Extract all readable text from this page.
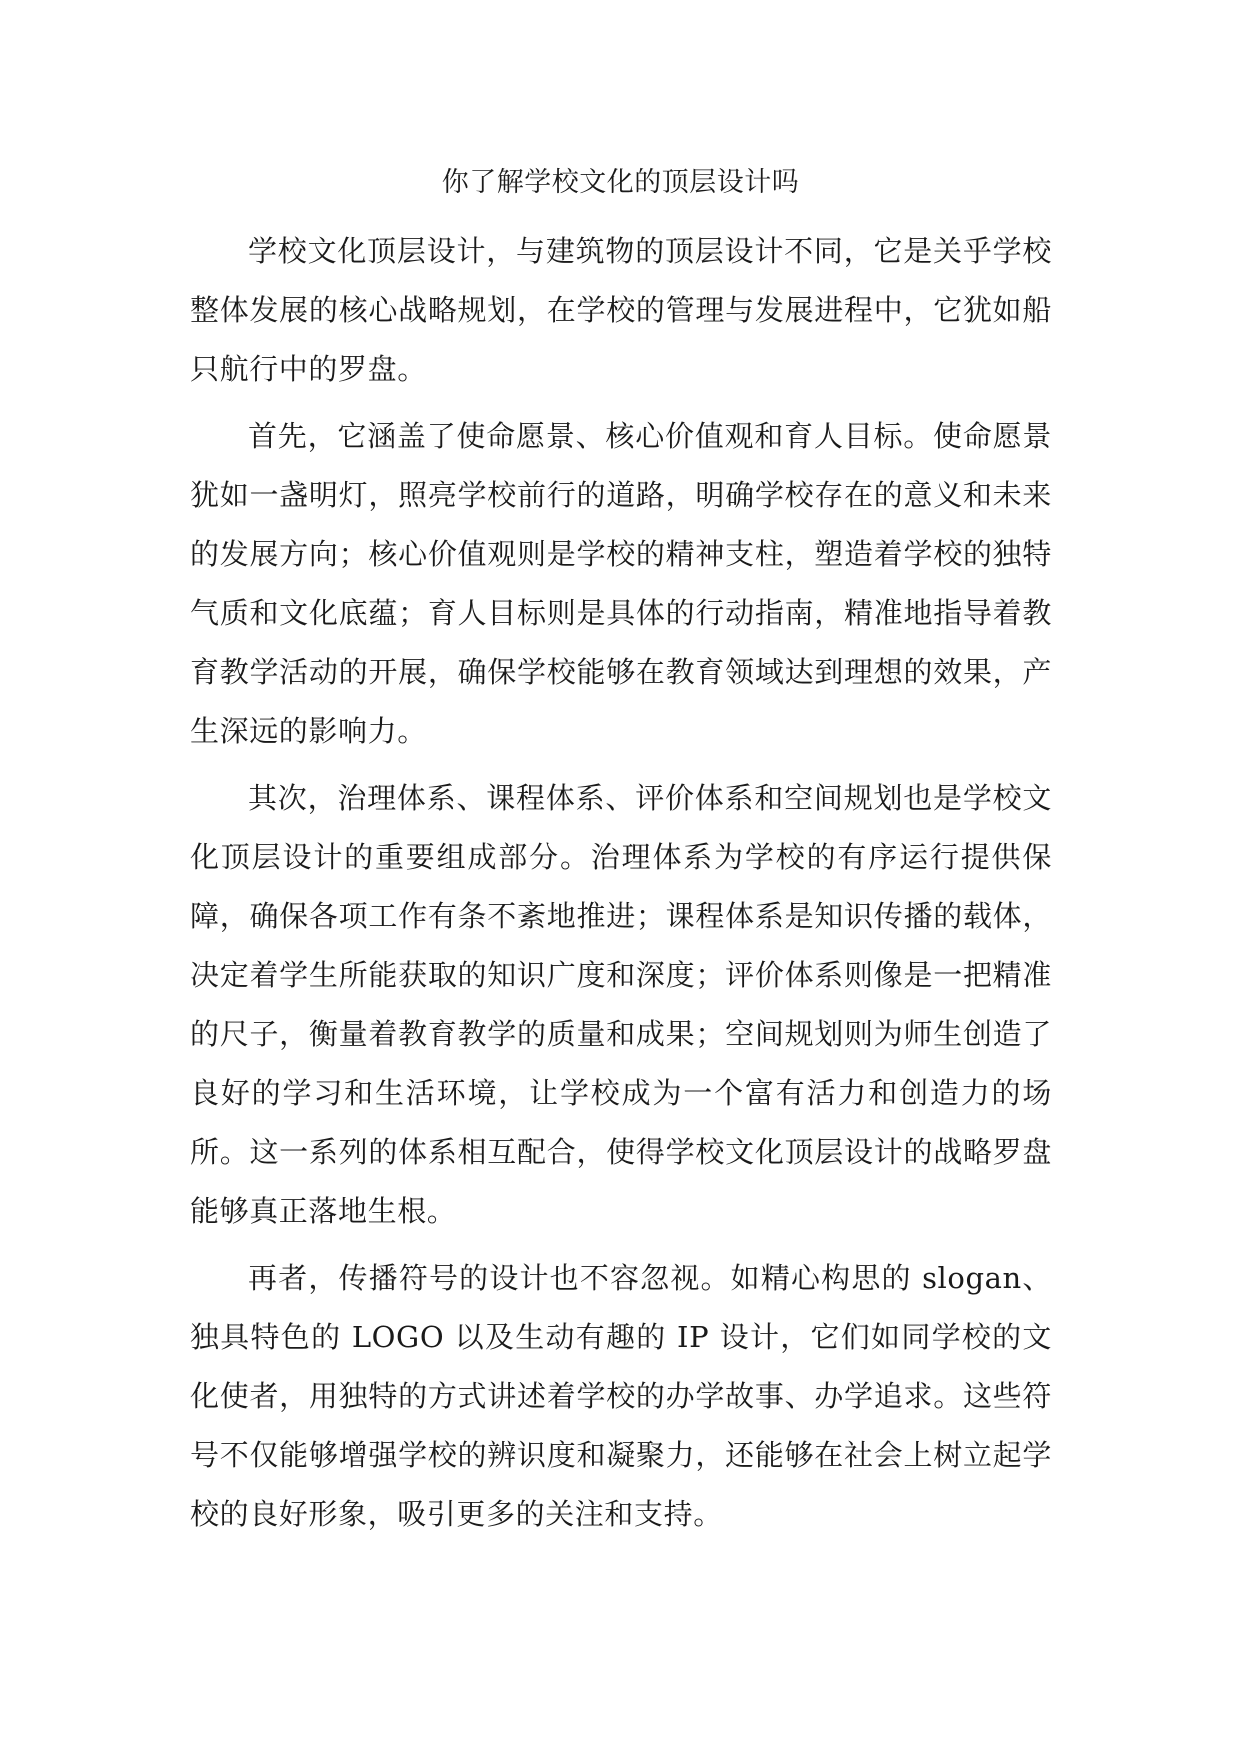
你了解学校文化的顶层设计吗

学校文化顶层设计，与建筑物的顶层设计不同，它是关乎学校整体发展的核心战略规划，在学校的管理与发展进程中，它犹如船只航行中的罗盘。

首先，它涵盖了使命愿景、核心价值观和育人目标。使命愿景犹如一盏明灯，照亮学校前行的道路，明确学校存在的意义和未来的发展方向；核心价值观则是学校的精神支柱，塑造着学校的独特气质和文化底蕴；育人目标则是具体的行动指南，精准地指导着教育教学活动的开展，确保学校能够在教育领域达到理想的效果，产生深远的影响力。

其次，治理体系、课程体系、评价体系和空间规划也是学校文化顶层设计的重要组成部分。治理体系为学校的有序运行提供保障，确保各项工作有条不紊地推进；课程体系是知识传播的载体，决定着学生所能获取的知识广度和深度；评价体系则像是一把精准的尺子，衡量着教育教学的质量和成果；空间规划则为师生创造了良好的学习和生活环境，让学校成为一个富有活力和创造力的场所。这一系列的体系相互配合，使得学校文化顶层设计的战略罗盘能够真正落地生根。

再者，传播符号的设计也不容忽视。如精心构思的 slogan、独具特色的 LOGO 以及生动有趣的 IP 设计，它们如同学校的文化使者，用独特的方式讲述着学校的办学故事、办学追求。这些符号不仅能够增强学校的辨识度和凝聚力，还能够在社会上树立起学校的良好形象，吸引更多的关注和支持。
